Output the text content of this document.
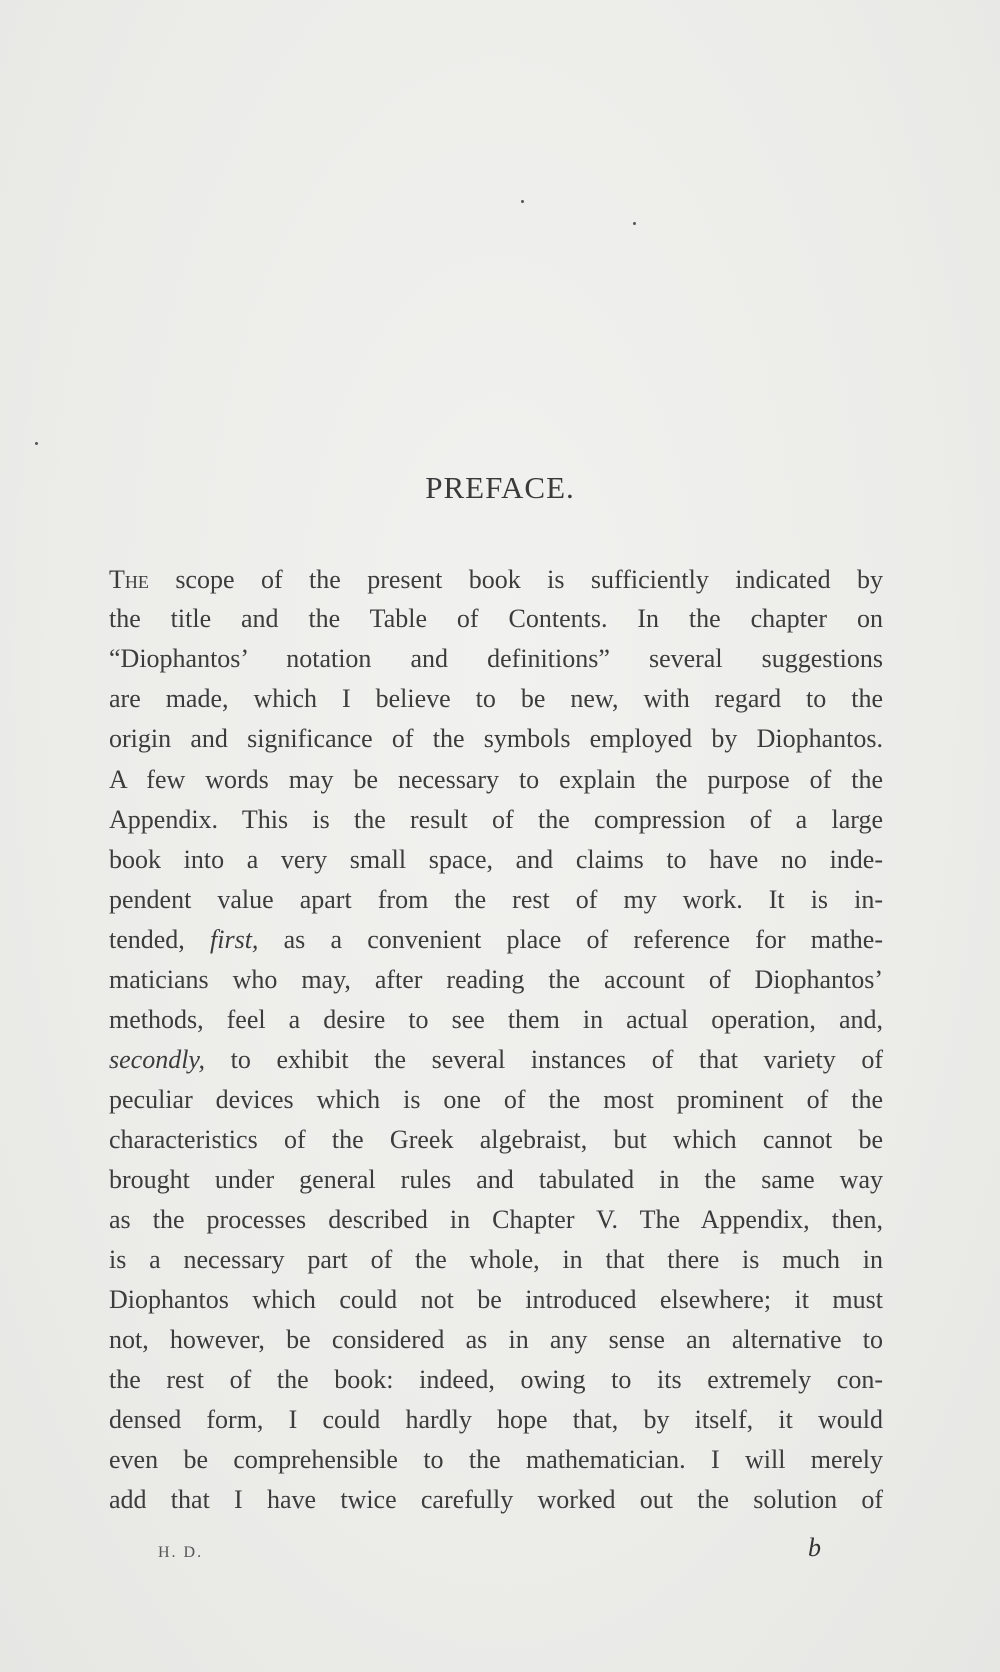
PREFACE.
The scope of the present book is sufficiently indicated by
the title and the Table of Contents. In the chapter on
“Diophantos’ notation and definitions” several suggestions
are made, which I believe to be new, with regard to the
origin and significance of the symbols employed by Diophantos.
A few words may be necessary to explain the purpose of the
Appendix. This is the result of the compression of a large
book into a very small space, and claims to have no inde-
pendent value apart from the rest of my work. It is in-
tended, first, as a convenient place of reference for mathe-
maticians who may, after reading the account of Diophantos’
methods, feel a desire to see them in actual operation, and,
secondly, to exhibit the several instances of that variety of
peculiar devices which is one of the most prominent of the
characteristics of the Greek algebraist, but which cannot be
brought under general rules and tabulated in the same way
as the processes described in Chapter V. The Appendix, then,
is a necessary part of the whole, in that there is much in
Diophantos which could not be introduced elsewhere; it must
not, however, be considered as in any sense an alternative to
the rest of the book: indeed, owing to its extremely con-
densed form, I could hardly hope that, by itself, it would
even be comprehensible to the mathematician. I will merely
add that I have twice carefully worked out the solution of
H. D.	b
